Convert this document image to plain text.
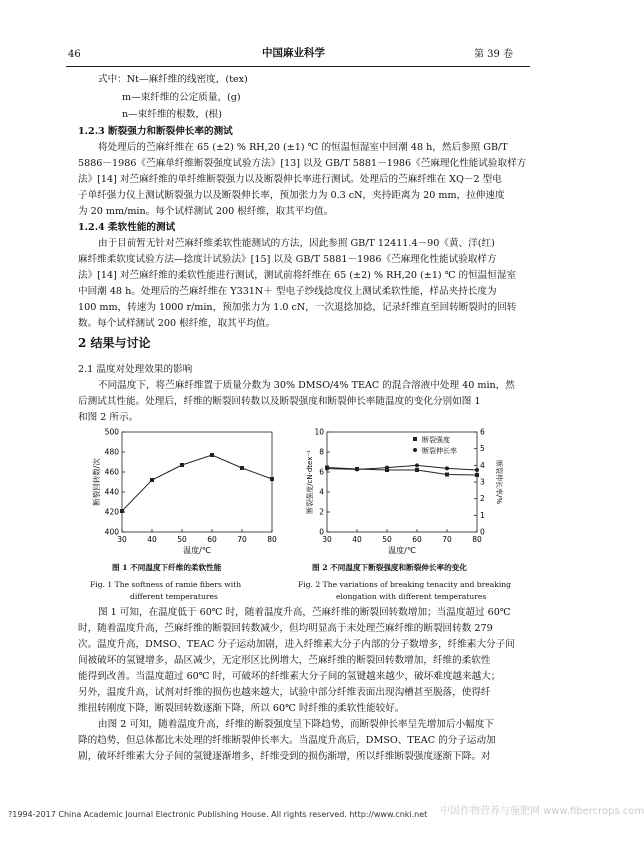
46	中国麻业科学	第 39 卷
式中：Nt—麻纤维的线密度，(tex)
m—束纤维的公定质量，(g)
n—束纤维的根数，(根)
1.2.3 断裂强力和断裂伸长率的测试
将处理后的苎麻纤维在 65 (±2) % RH,20 (±1) ℃ 的恒温恒湿室中回潮 48 h，然后参照 GB/T
5886－1986《苎麻单纤维断裂强度试验方法》[13] 以及 GB/T 5881－1986《苎麻理化性能试验取样方
法》[14] 对苎麻纤维的单纤维断裂强力以及断裂伸长率进行测试。处理后的苎麻纤维在 XQ－2 型电
子单纤强力仪上测试断裂强力以及断裂伸长率，预加张力为 0.3 cN，夹持距离为 20 mm，拉伸速度
为 20 mm/min。每个试样测试 200 根纤维，取其平均值。
1.2.4 柔软性能的测试
由于目前暂无针对苎麻纤维柔软性能测试的方法，因此参照 GB/T 12411.4－90《黄、洋(红)
麻纤维柔软度试验方法—捻度计试验法》[15] 以及 GB/T 5881－1986《苎麻理化性能试验取样方
法》[14] 对苎麻纤维的柔软性能进行测试，测试前将纤维在 65 (±2) % RH,20 (±1) ℃ 的恒温恒湿室
中回潮 48 h。处理后的苎麻纤维在 Y331N＋ 型电子纱线捻度仪上测试柔软性能，样品夹持长度为
100 mm，转速为 1000 r/min，预加张力为 1.0 cN，一次退捻加捻，记录纤维直至回转断裂时的回转
数。每个试样测试 200 根纤维，取其平均值。
2 结果与讨论
2.1 温度对处理效果的影响
不同温度下，将苎麻纤维置于质量分数为 30% DMSO/4% TEAC 的混合溶液中处理 40 min，然
后测试其性能。处理后，纤维的断裂回转数以及断裂强度和断裂伸长率随温度的变化分别如图 1
和图 2 所示。
30	40	50	60	70	80
400
420
440
460
480
500
温度/℃
断裂回转数/次
30	40	50	60	70	80
0
2
4
6
8
10
0
1
2
3
4
5
6
断裂强度
断裂伸长率
温度/℃
断裂强度/cN·dtex⁻¹	断裂伸长率/%
图 1 不同温度下纤维的柔软性能
Fig. 1 The softness of ramie fibers with
different temperatures
图 2 不同温度下断裂强度和断裂伸长率的变化
Fig. 2 The variations of breaking tenacity and breaking
elongation with different temperatures
图 1 可知，在温度低于 60℃ 时，随着温度升高，苎麻纤维的断裂回转数增加；当温度超过 60℃
时，随着温度升高，苎麻纤维的断裂回转数减少，但均明显高于未处理苎麻纤维的断裂回转数 279
次。温度升高，DMSO、TEAC 分子运动加剧，进入纤维素大分子内部的分子数增多，纤维素大分子间
间被破坏的氢键增多，晶区减少，无定形区比例增大，苎麻纤维的断裂回转数增加，纤维的柔软性
能得到改善。当温度超过 60℃ 时，可破坏的纤维素大分子间的氢键越来越少，破坏难度越来越大；
另外，温度升高，试剂对纤维的损伤也越来越大，试验中部分纤维表面出现沟槽甚至脱落，使得纤
维扭转刚度下降，断裂回转数逐渐下降，所以 60℃ 时纤维的柔软性能较好。
由图 2 可知，随着温度升高，纤维的断裂强度呈下降趋势，而断裂伸长率呈先增加后小幅度下
降的趋势，但总体都比未处理的纤维断裂伸长率大。当温度升高后，DMSO、TEAC 的分子运动加
剧，破坏纤维素大分子间的氢键逐渐增多，纤维受到的损伤渐增，所以纤维断裂强度逐渐下降。对
?1994-2017 China Academic Journal Electronic Publishing House. All rights reserved. http://www.cnki.net 中国作物营养与施肥网 www.fibercrops.com
